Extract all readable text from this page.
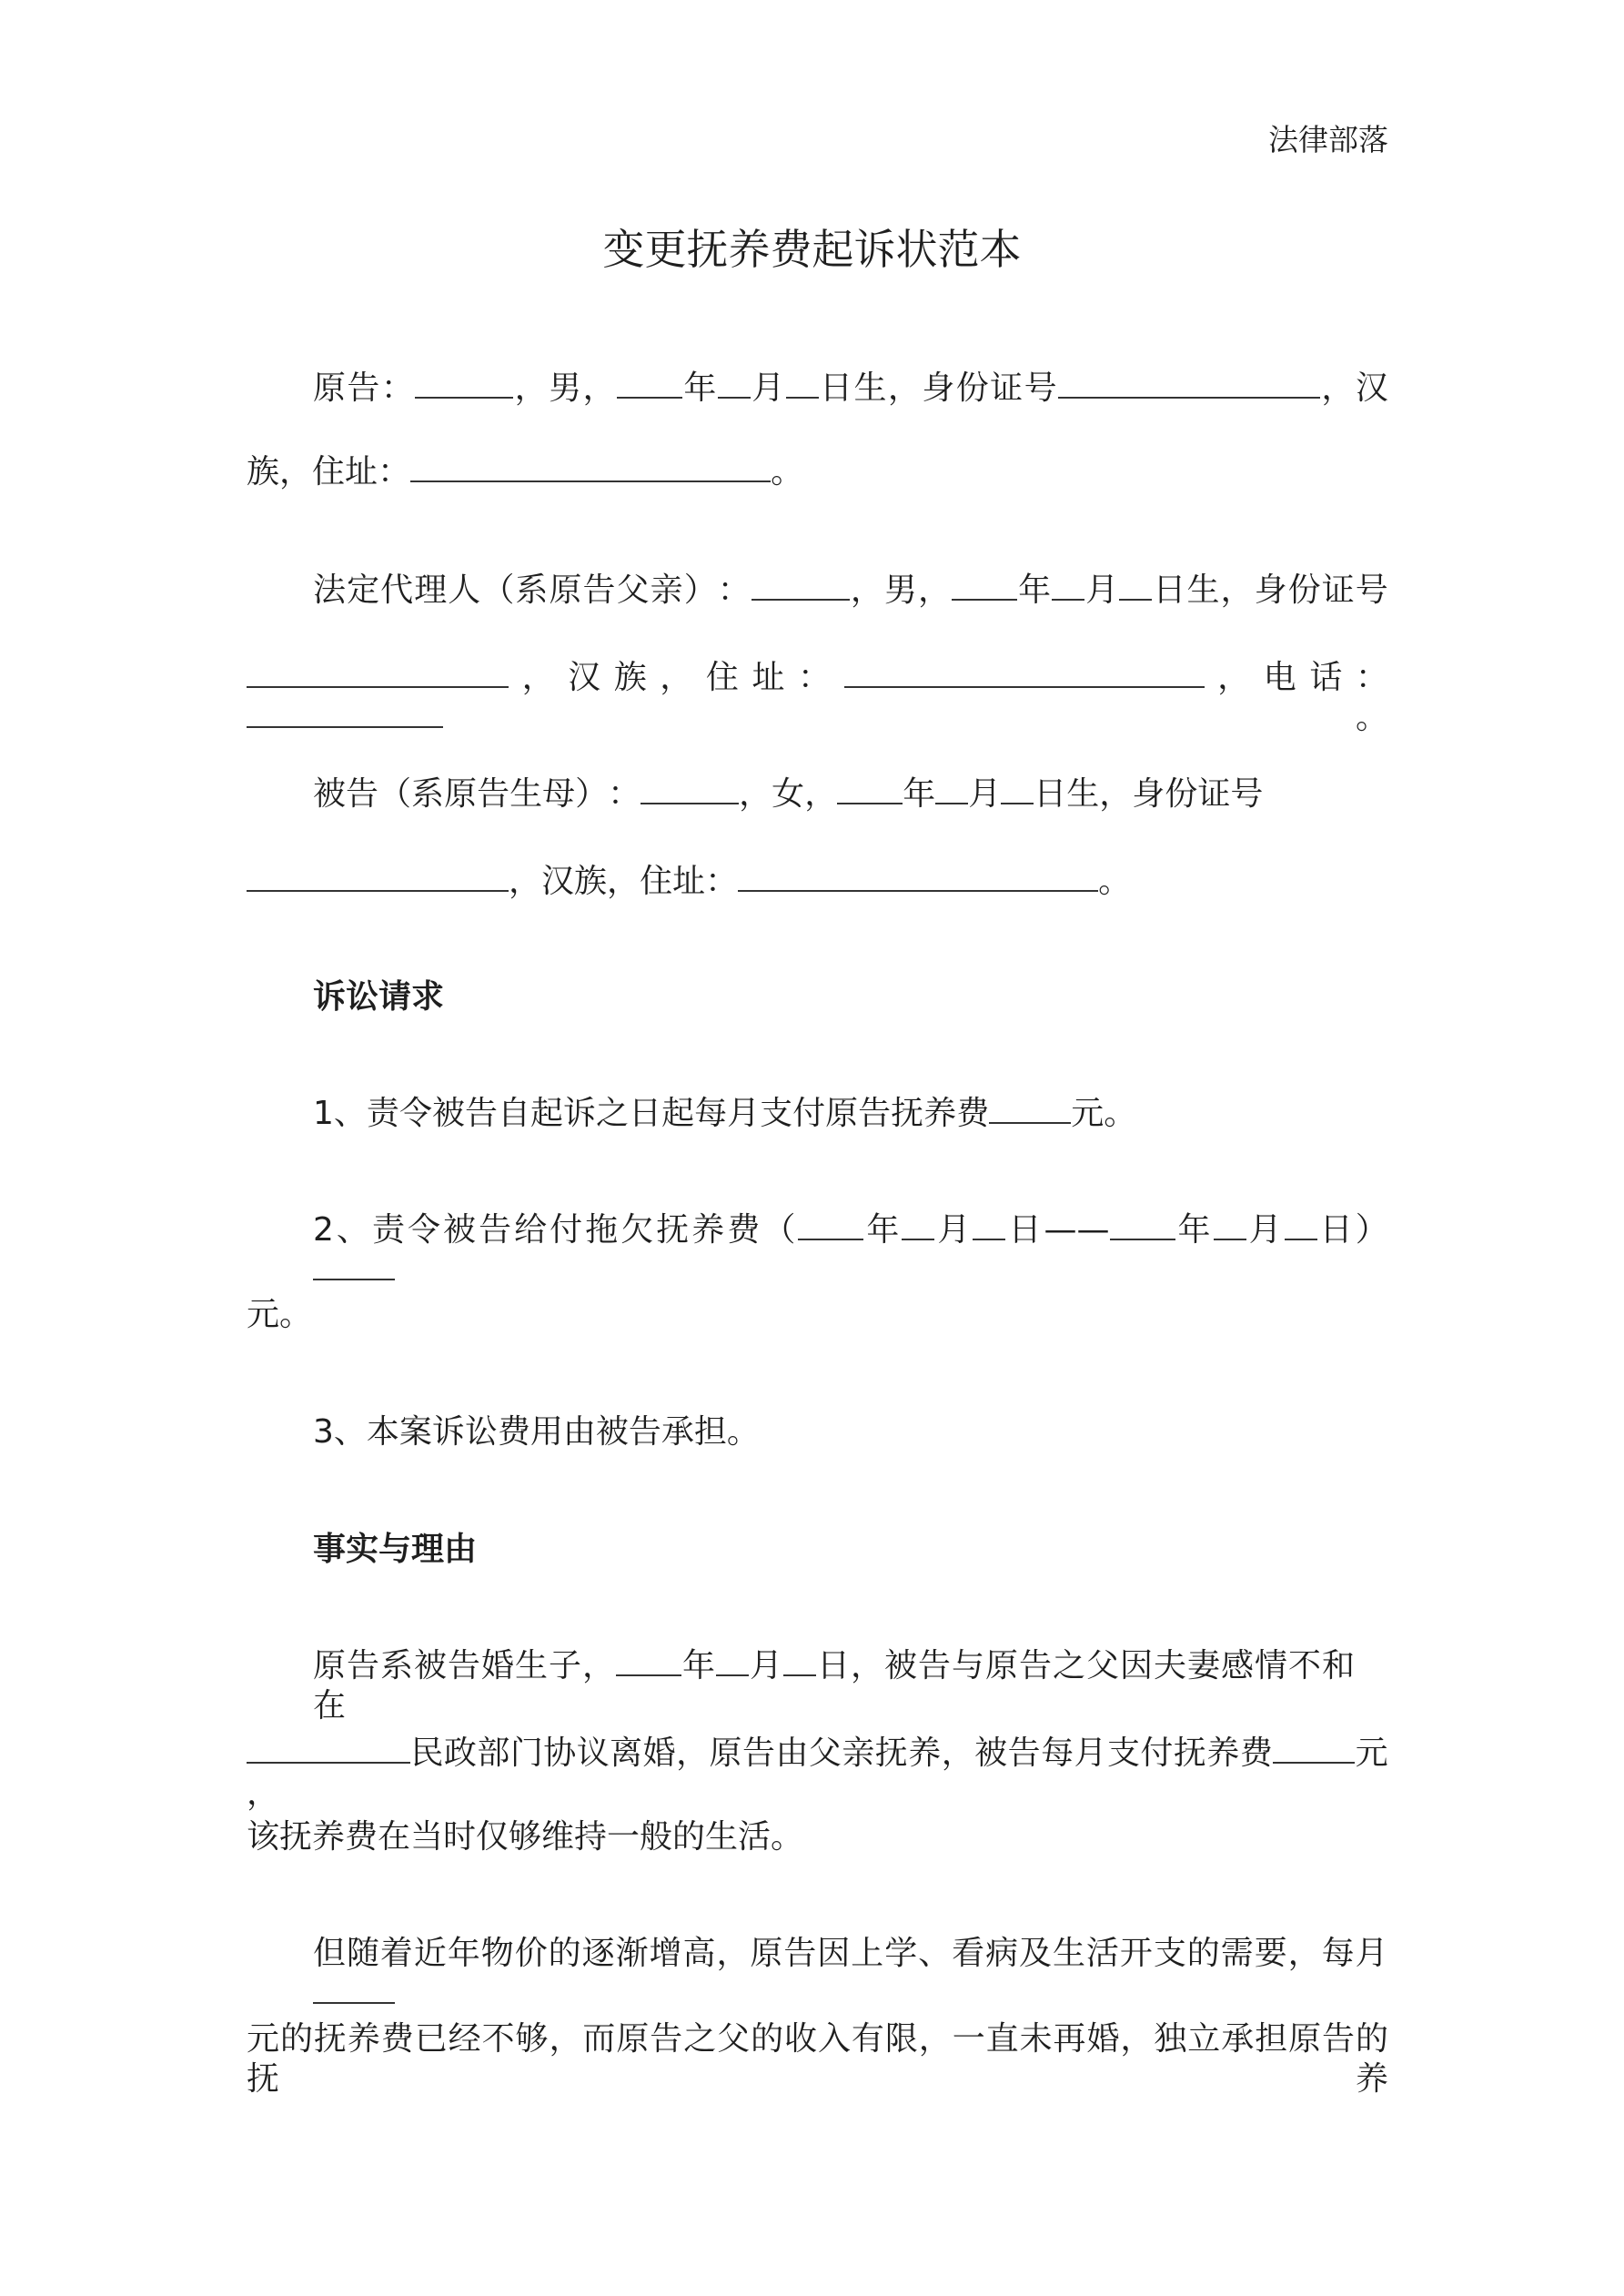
法律部落
变更抚养费起诉状范本
原​告​：​	，​男​，​ 年​ 月​ 日​生​，​身​份​证​号​	，​汉​
族​，​住​址​：​	。​
法​定​代​理​人​（​系​原​告​父​亲​）​：​	，​男​，​ 年​ 月​ 日​生​，​身​份​证​号​
，​汉​族​，​住​址​：​	，​电​话​：​。​
被​告​（​系​原​告​生​母​）​：​	，​女​，​ 年​ 月​ 日​生​，​身​份​证​号​
，​汉​族​，​住​址​：​	。​
诉讼请求
1​、​责​令​被​告​自​起​诉​之​日​起​每​月​支​付​原​告​抚​养​费​	元​。​
2​、​责​令​被​告​给​付​拖​欠​抚​养​费​（​ 年​ 月​ 日​—​—​ 年​ 月​ 日​）​
元。
3、本案诉讼费用由被告承担。
事实与理由
原​告​系​被​告​婚​生​子​，​ 年​ 月​ 日​，​被​告​与​原​告​之​父​因​夫​妻​感​情​不​和​在​
民​政​部​门​协​议​离​婚​，​原​告​由​父​亲​抚​养​，​被​告​每​月​支​付​抚​养​费​	元​，​
该抚养费在当时仅够维持一般的生活。
但​随​着​近​年​物​价​的​逐​渐​增​高​，​原​告​因​上​学​、​看​病​及​生​活​开​支​的​需​要​，​每​月​
元的抚养费已经不够，而原告之父的收入有限，一直未再婚，独立承担原告的抚养
